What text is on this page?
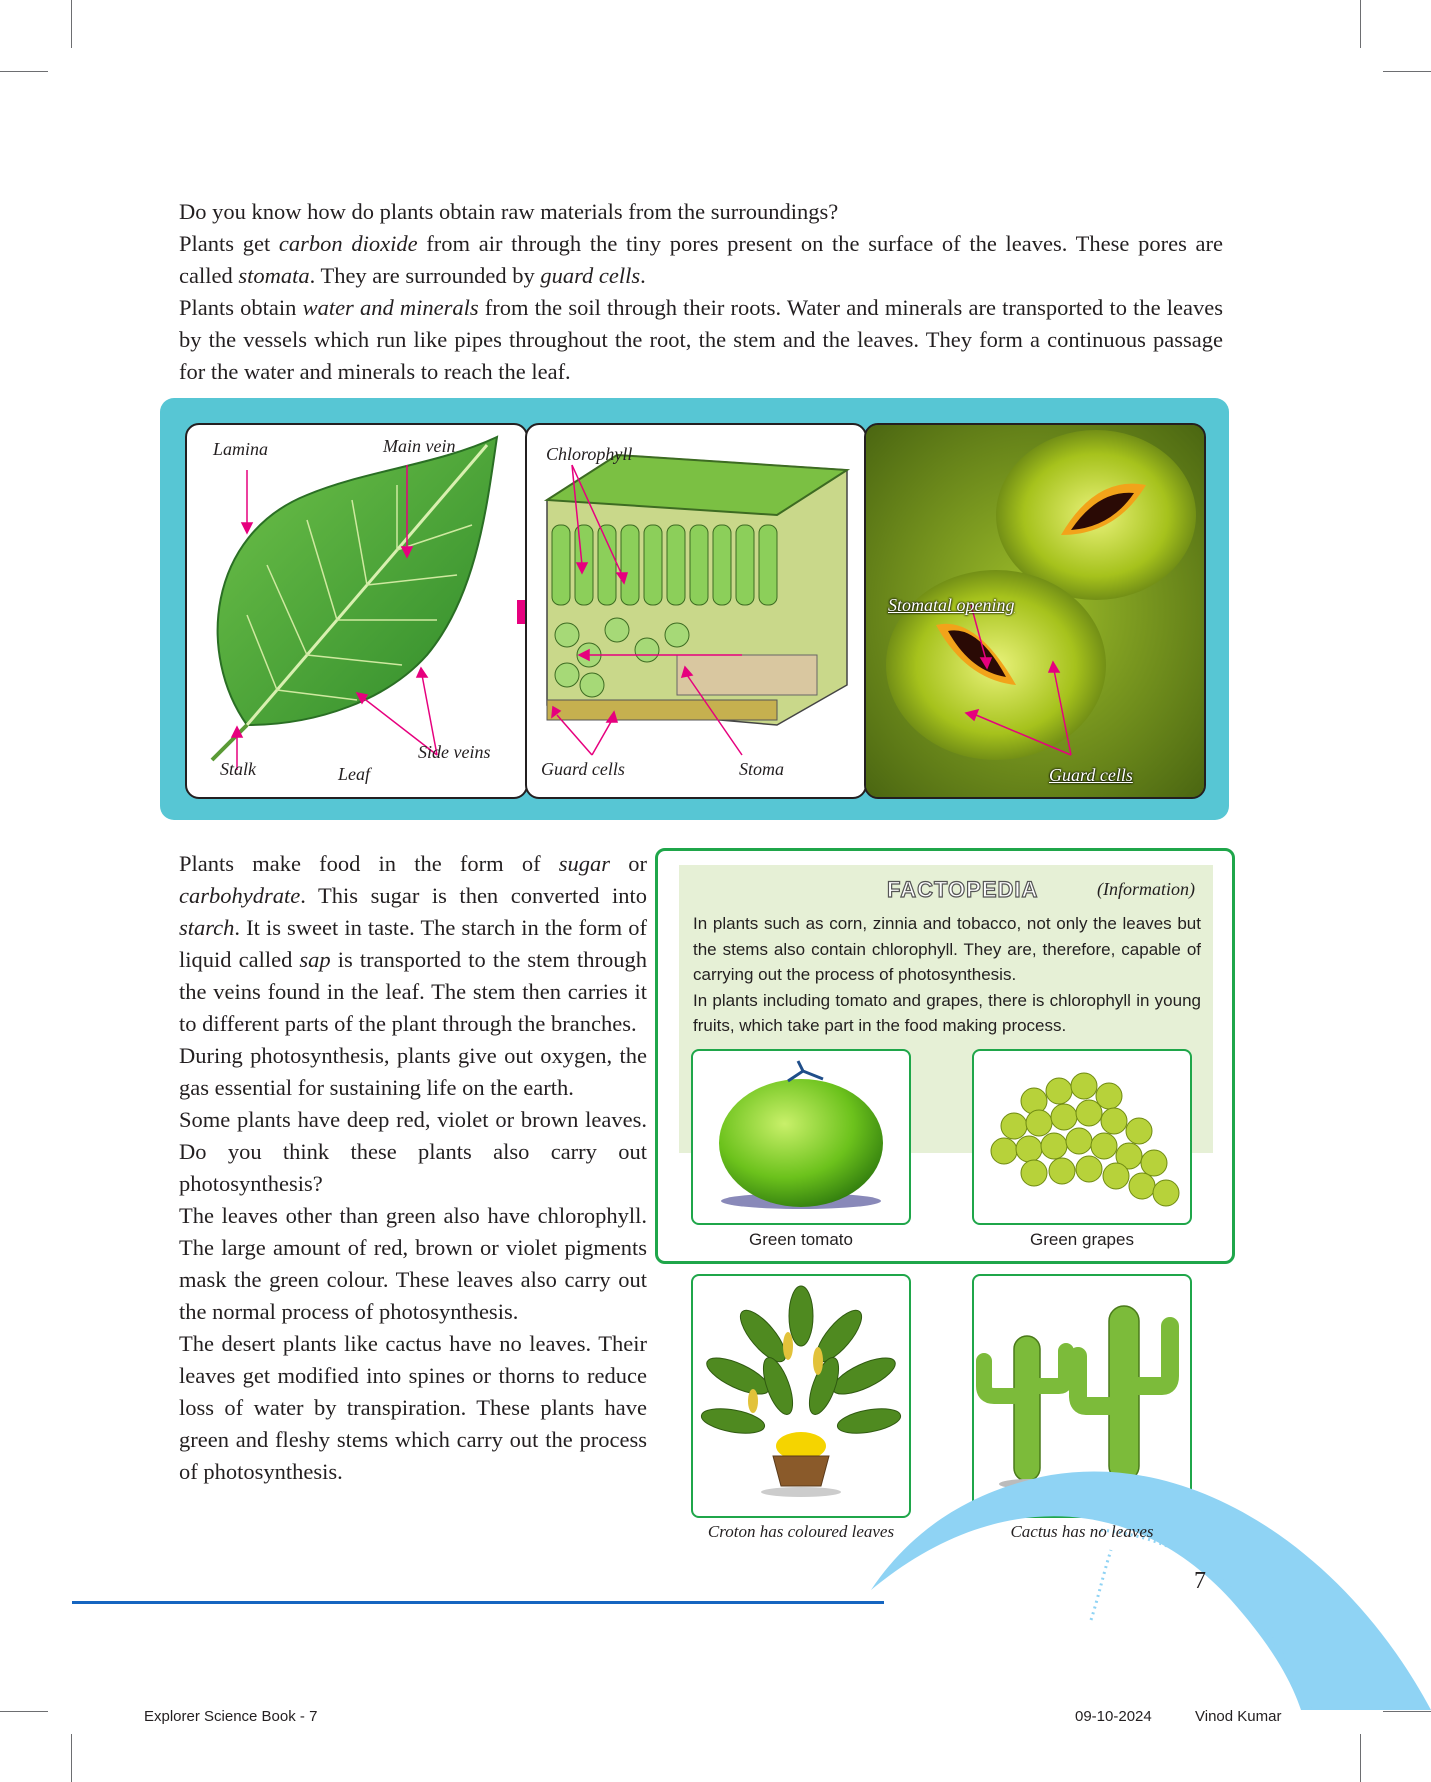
Do you know how do plants obtain raw materials from the surroundings?

Plants get carbon dioxide from air through the tiny pores present on the surface of the leaves. These pores are called stomata. They are surrounded by guard cells.

Plants obtain water and minerals from the soil through their roots. Water and minerals are transported to the leaves by the vessels which run like pipes throughout the root, the stem and the leaves. They form a continuous passage for the water and minerals to reach the leaf.

Lamina	Main vein
Side veins
Stalk	Leaf
Chlorophyll
Guard cells	Stoma
Stomatal opening
Guard cells

Plants make food in the form of sugar or carbohydrate. This sugar is then converted into starch. It is sweet in taste. The starch in the form of liquid called sap is transported to the stem through the veins found in the leaf. The stem then carries it to different parts of the plant through the branches.

During photosynthesis, plants give out oxygen, the gas essential for sustaining life on the earth.

Some plants have deep red, violet or brown leaves. Do you think these plants also carry out photosynthesis?

The leaves other than green also have chlorophyll. The large amount of red, brown or violet pigments mask the green colour. These leaves also carry out the normal process of photosynthesis.

The desert plants like cactus have no leaves. Their leaves get modified into spines or thorns to reduce loss of water by transpiration. These plants have green and fleshy stems which carry out the process of photosynthesis.

FACTOPEDIA	(Information)

In plants such as corn, zinnia and tobacco, not only the leaves but the stems also contain chlorophyll. They are, therefore, capable of carrying out the process of photosynthesis.

In plants including tomato and grapes, there is chlorophyll in young fruits, which take part in the food making process.

Green tomato	Green grapes
Croton has coloured leaves	Cactus has no leaves
7
Explorer Science Book - 7	09-10-2024	Vinod Kumar
